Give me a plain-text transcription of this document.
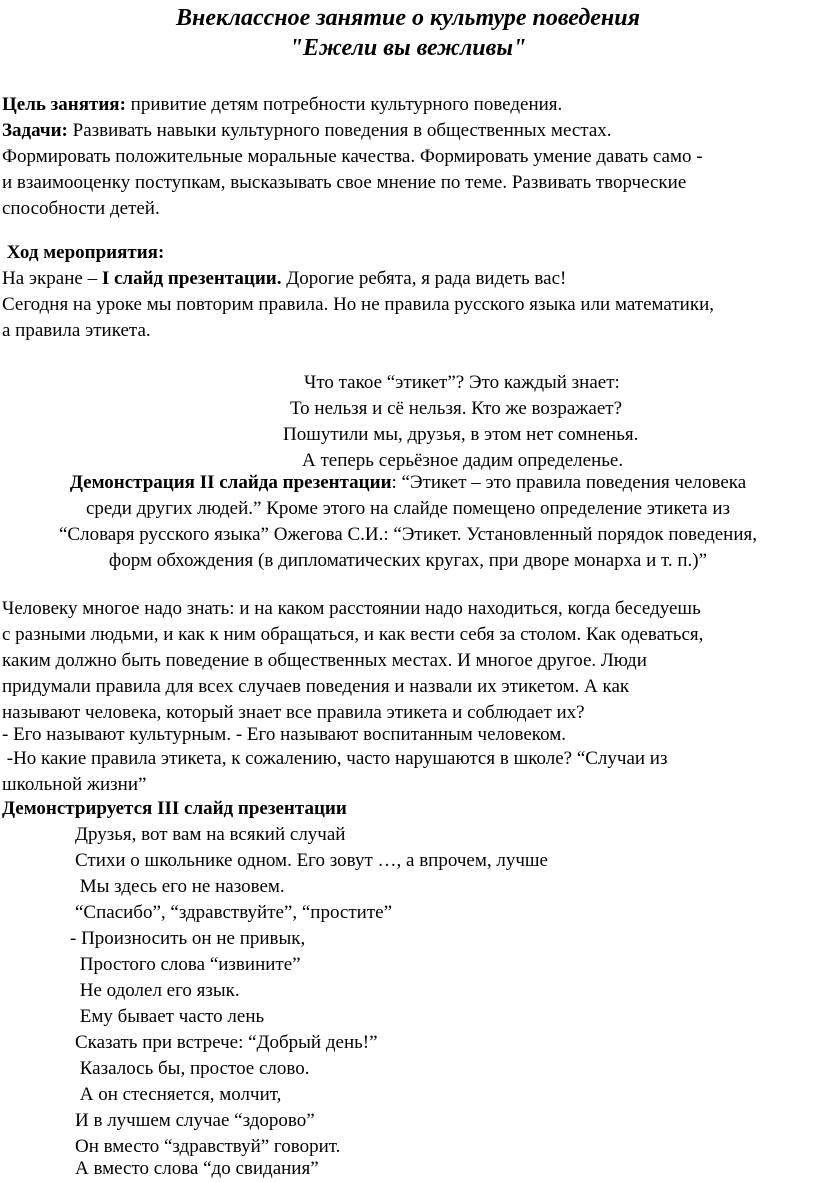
Внеклассное занятие о культуре поведения
"Ежели вы вежливы"
Цель занятия: привитие детям потребности культурного поведения.
Задачи: Развивать навыки культурного поведения в общественных местах.
Формировать положительные моральные качества. Формировать умение давать само -
и взаимооценку поступкам, высказывать свое мнение по теме. Развивать творческие
способности детей.
Ход мероприятия:
На экране – I слайд презентации. Дорогие ребята, я рада видеть вас!
Сегодня на уроке мы повторим правила. Но не правила русского языка или математики,
а правила этикета.
Что такое “этикет”? Это каждый знает:
То нельзя и сё нельзя. Кто же возражает?
Пошутили мы, друзья, в этом нет сомненья.
А теперь серьёзное дадим определенье.
Демонстрация II слайда презентации: “Этикет – это правила поведения человека
среди других людей.” Кроме этого на слайде помещено определение этикета из
“Словаря русского языка” Ожегова С.И.: “Этикет. Установленный порядок поведения,
форм обхождения (в дипломатических кругах, при дворе монарха и т. п.)”
Человеку многое надо знать: и на каком расстоянии надо находиться, когда беседуешь
с разными людьми, и как к ним обращаться, и как вести себя за столом. Как одеваться,
каким должно быть поведение в общественных местах. И многое другое. Люди
придумали правила для всех случаев поведения и назвали их этикетом. А как
называют человека, который знает все правила этикета и соблюдает их?
- Его называют культурным. - Его называют воспитанным человеком.
-Но какие правила этикета, к сожалению, часто нарушаются в школе? “Случаи из
школьной жизни”
Демонстрируется III слайд презентации
Друзья, вот вам на всякий случай
Стихи о школьнике одном. Его зовут …, а впрочем, лучше
Мы здесь его не назовем.
“Спасибо”, “здравствуйте”, “простите”
- Произносить он не привык,
Простого слова “извините”
Не одолел его язык.
Ему бывает часто лень
Сказать при встрече: “Добрый день!”
Казалось бы, простое слово.
А он стесняется, молчит,
И в лучшем случае “здорово”
Он вместо “здравствуй” говорит.
А вместо слова “до свидания”
